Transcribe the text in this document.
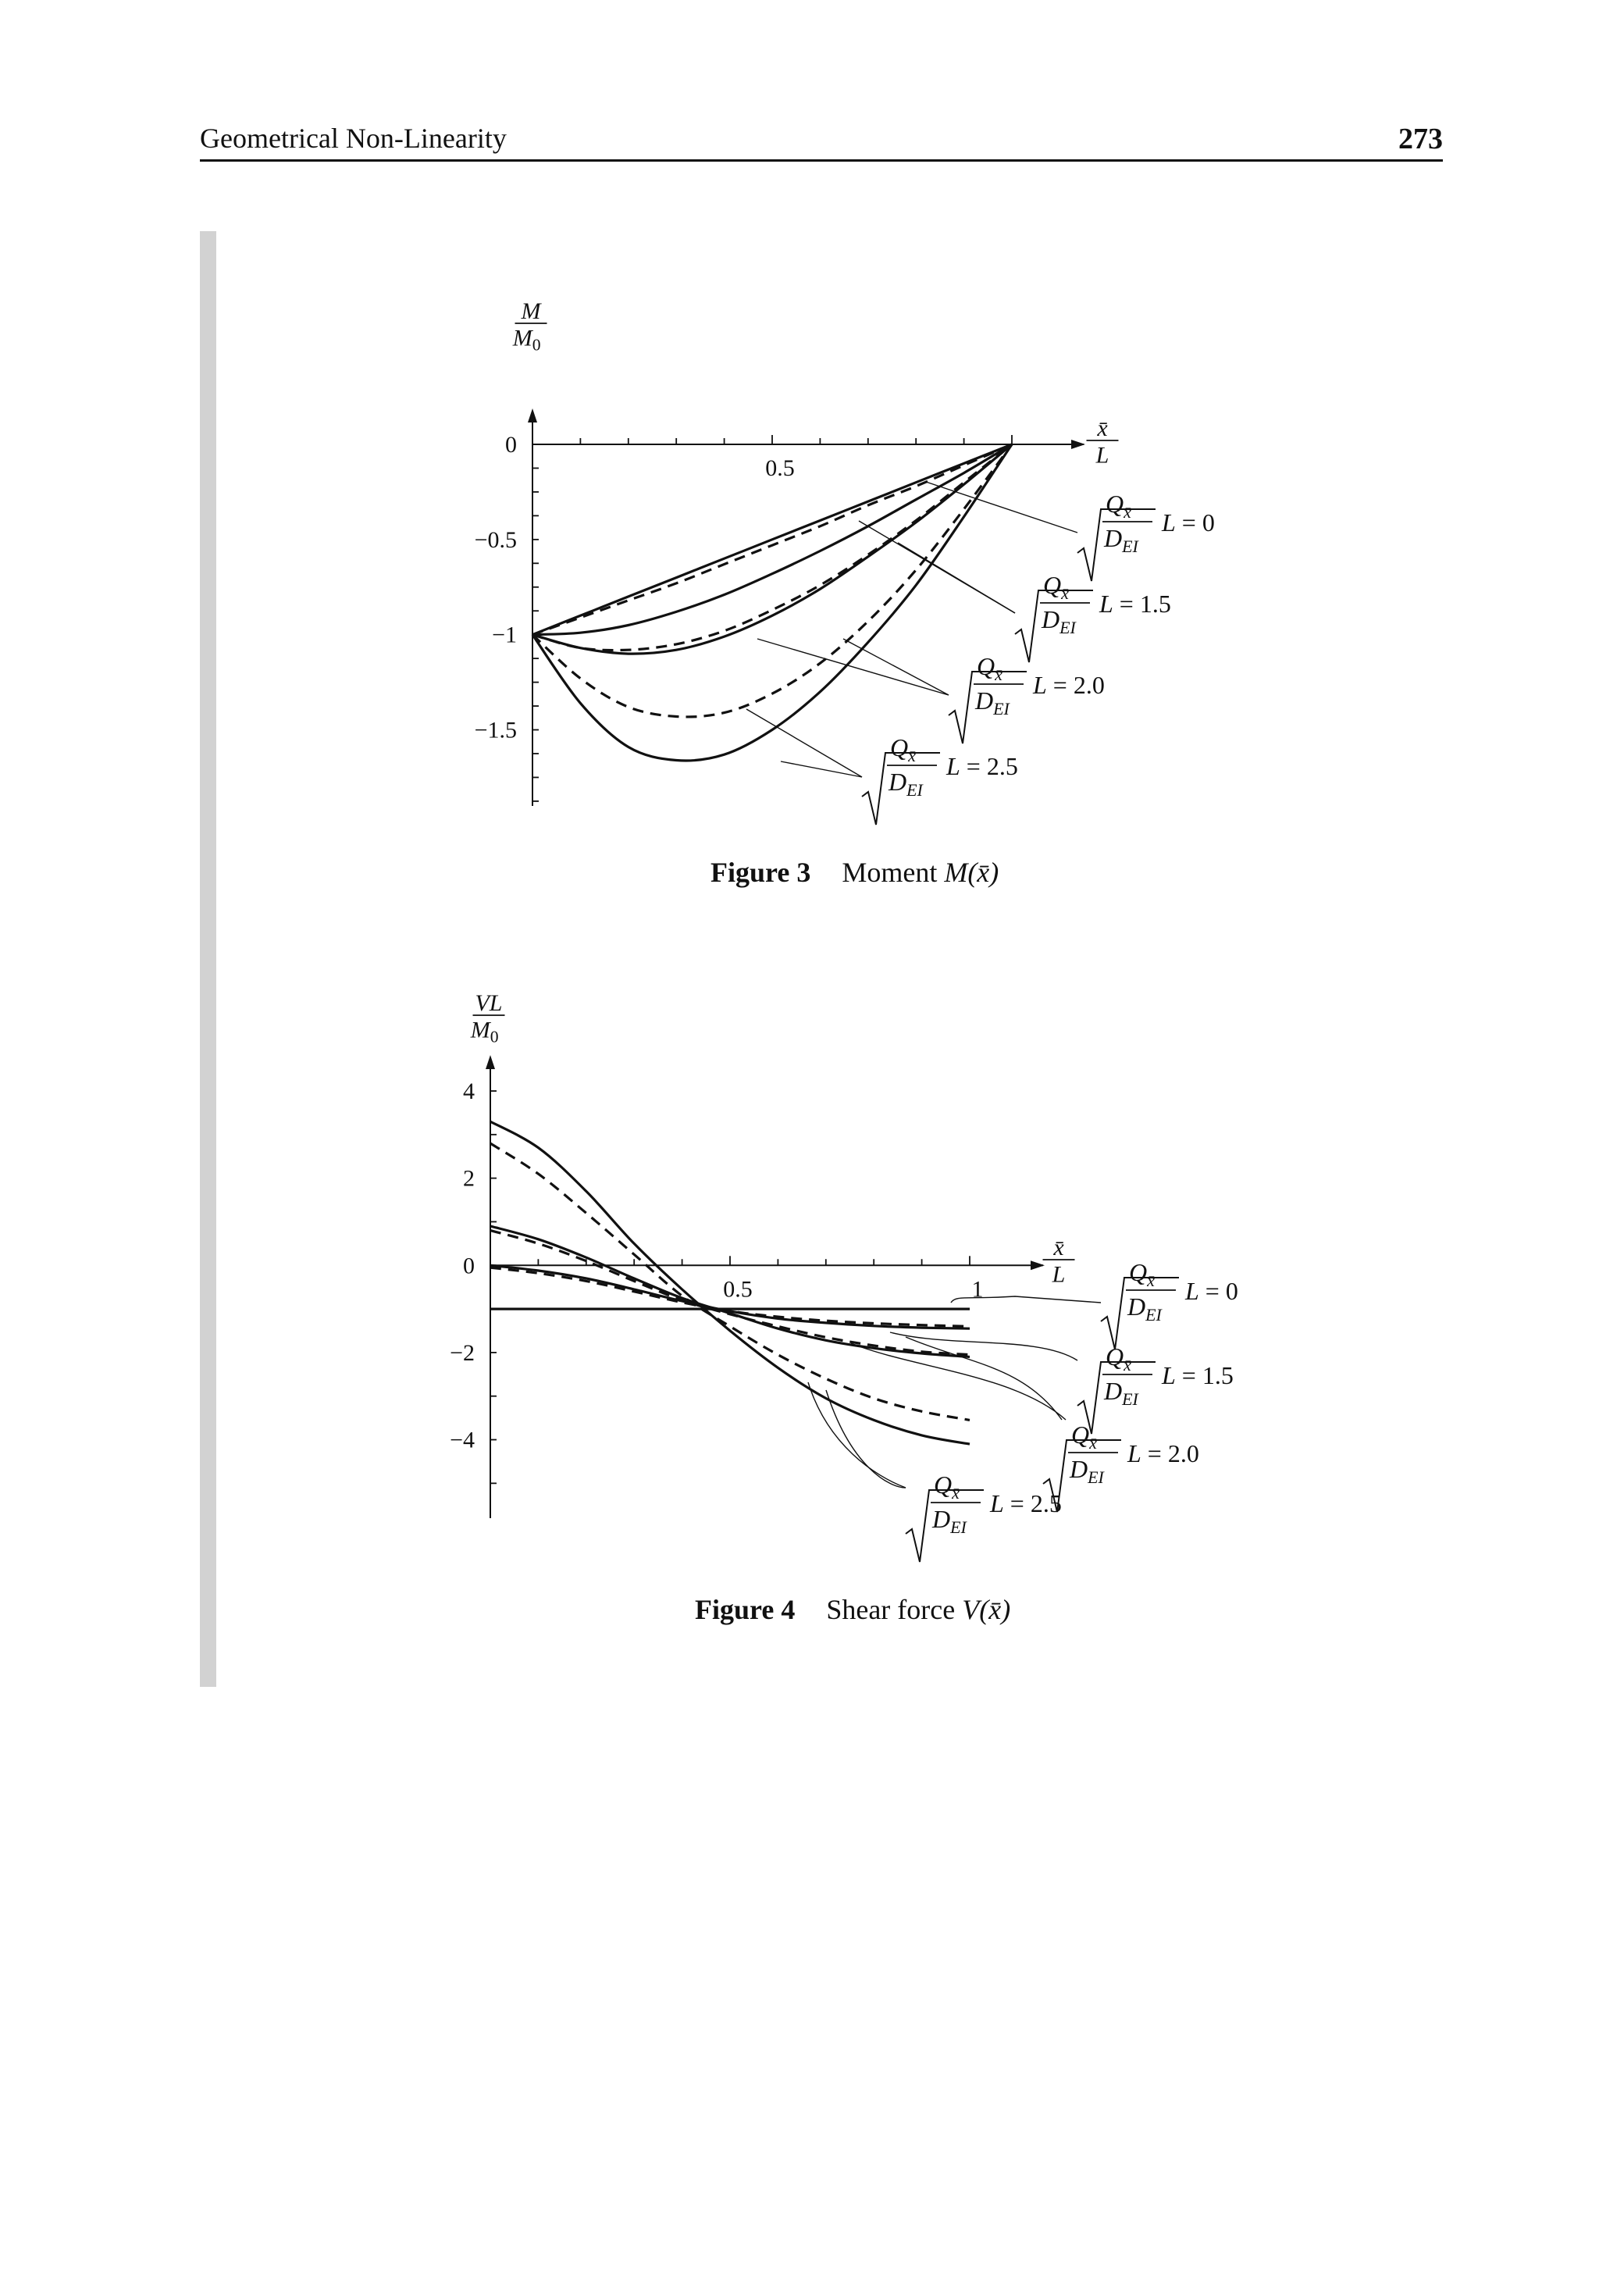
Geometrical Non-Linearity	273
0.5
0
−0.5
−1
−1.5
M
$M_0$
x̄
L
$Q_{x̄}$
$D_{EI}$
L = 0
$Q_{x̄}$
$D_{EI}$
L = 1.5
$Q_{x̄}$
$D_{EI}$
L = 2.0
$Q_{x̄}$
$D_{EI}$
L = 2.5
0.5	1
4
2
0
−2
−4
VL
$M_0$
x̄
L	$Q_{x̄}$
$D_{EI}$
L = 0
$Q_{x̄}$
$D_{EI}$
L = 1.5
$Q_{x̄}$
$D_{EI}$
L = 2.0
$Q_{x̄}$
$D_{EI}$
L = 2.5
Figure 3 Moment M(x̄)
Figure 4 Shear force V(x̄)
